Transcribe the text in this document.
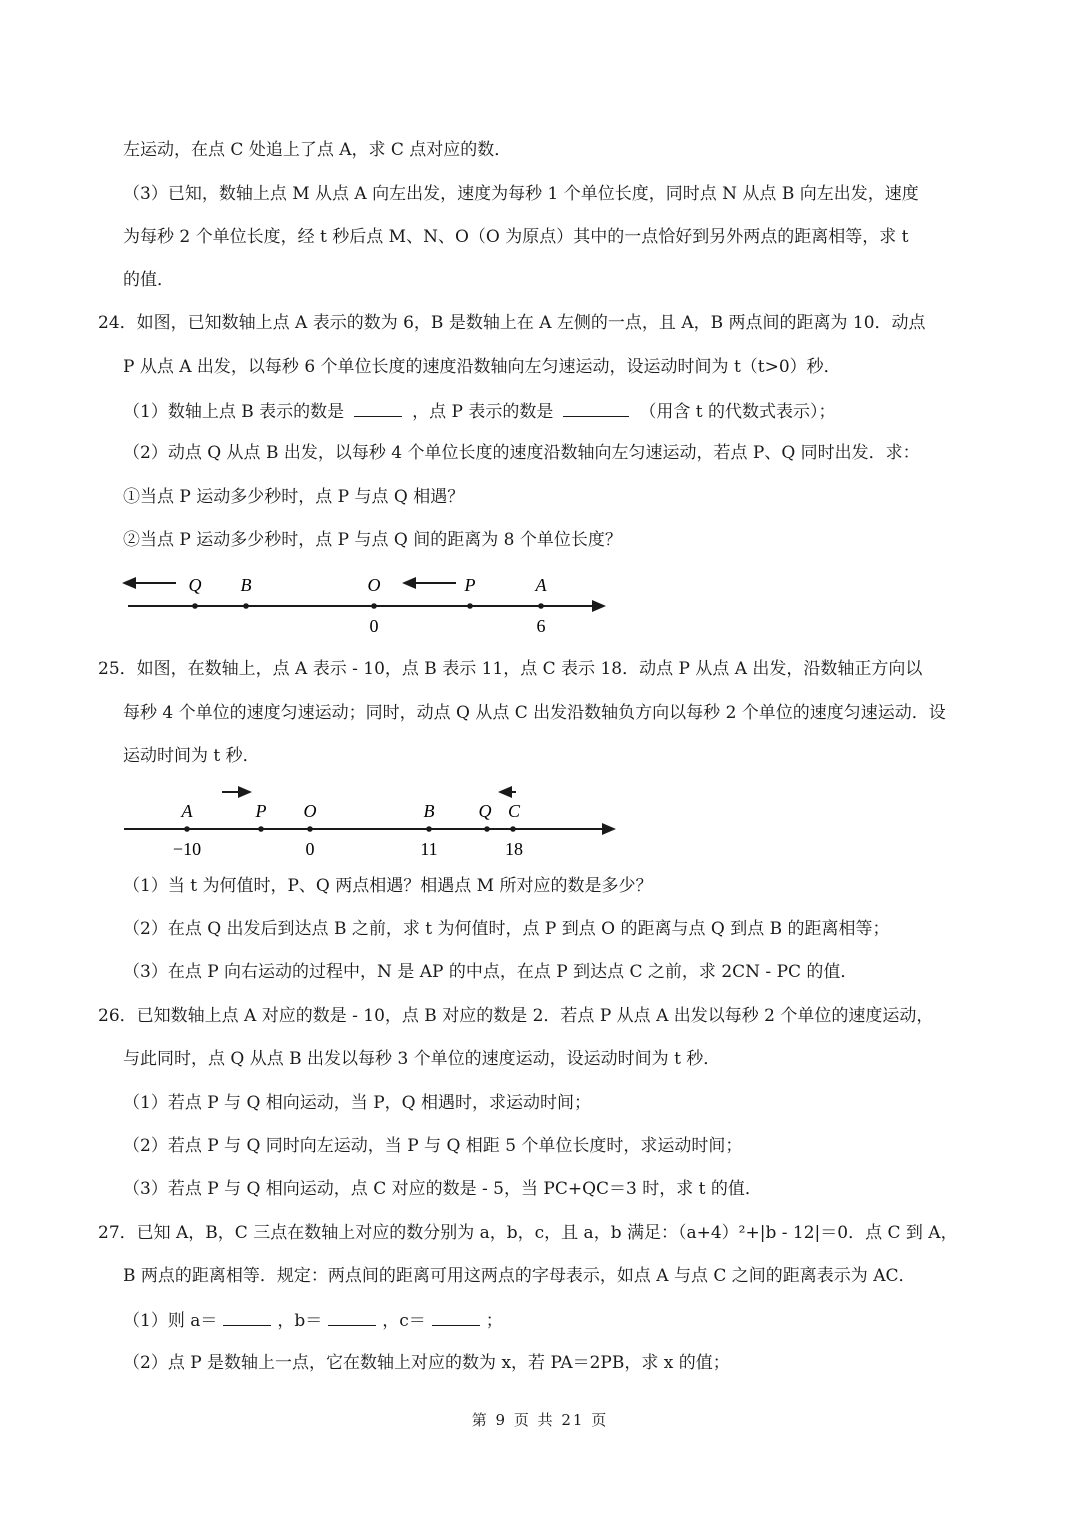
左运动，在点 C 处追上了点 A，求 C 点对应的数．
（3）已知，数轴上点 M 从点 A 向左出发，速度为每秒 1 个单位长度，同时点 N 从点 B 向左出发，速度
为每秒 2 个单位长度，经 t 秒后点 M、N、O（O 为原点）其中的一点恰好到另外两点的距离相等，求 t
的值．
24．如图，已知数轴上点 A 表示的数为 6，B 是数轴上在 A 左侧的一点，且 A，B 两点间的距离为 10．动点
P 从点 A 出发，以每秒 6 个单位长度的速度沿数轴向左匀速运动，设运动时间为 t（t>0）秒．
（1）数轴上点 B 表示的数是	，点 P 表示的数是	（用含 t 的代数式表示）；
（2）动点 Q 从点 B 出发，以每秒 4 个单位长度的速度沿数轴向左匀速运动，若点 P、Q 同时出发．求：
①当点 P 运动多少秒时，点 P 与点 Q 相遇？
②当点 P 运动多少秒时，点 P 与点 Q 间的距离为 8 个单位长度？
Q B	O	P	A
0	6
25．如图，在数轴上，点 A 表示 - 10，点 B 表示 11，点 C 表示 18．动点 P 从点 A 出发，沿数轴正方向以
每秒 4 个单位的速度匀速运动；同时，动点 Q 从点 C 出发沿数轴负方向以每秒 2 个单位的速度匀速运动．设
运动时间为 t 秒．
A	P O	B Q C
−10	0	11	18
（1）当 t 为何值时，P、Q 两点相遇？相遇点 M 所对应的数是多少？
（2）在点 Q 出发后到达点 B 之前，求 t 为何值时，点 P 到点 O 的距离与点 Q 到点 B 的距离相等；
（3）在点 P 向右运动的过程中，N 是 AP 的中点，在点 P 到达点 C 之前，求 2CN - PC 的值．
26．已知数轴上点 A 对应的数是 - 10，点 B 对应的数是 2．若点 P 从点 A 出发以每秒 2 个单位的速度运动，
与此同时，点 Q 从点 B 出发以每秒 3 个单位的速度运动，设运动时间为 t 秒．
（1）若点 P 与 Q 相向运动，当 P，Q 相遇时，求运动时间；
（2）若点 P 与 Q 同时向左运动，当 P 与 Q 相距 5 个单位长度时，求运动时间；
（3）若点 P 与 Q 相向运动，点 C 对应的数是 - 5，当 PC+QC＝3 时，求 t 的值．
27．已知 A，B，C 三点在数轴上对应的数分别为 a，b，c，且 a，b 满足：（a+4）²+|b - 12|＝0．点 C 到 A，
B 两点的距离相等．规定：两点间的距离可用这两点的字母表示，如点 A 与点 C 之间的距离表示为 AC．
（1）则 a＝	，b＝	，c＝	；
（2）点 P 是数轴上一点，它在数轴上对应的数为 x，若 PA＝2PB，求 x 的值；
第 9 页 共 21 页
